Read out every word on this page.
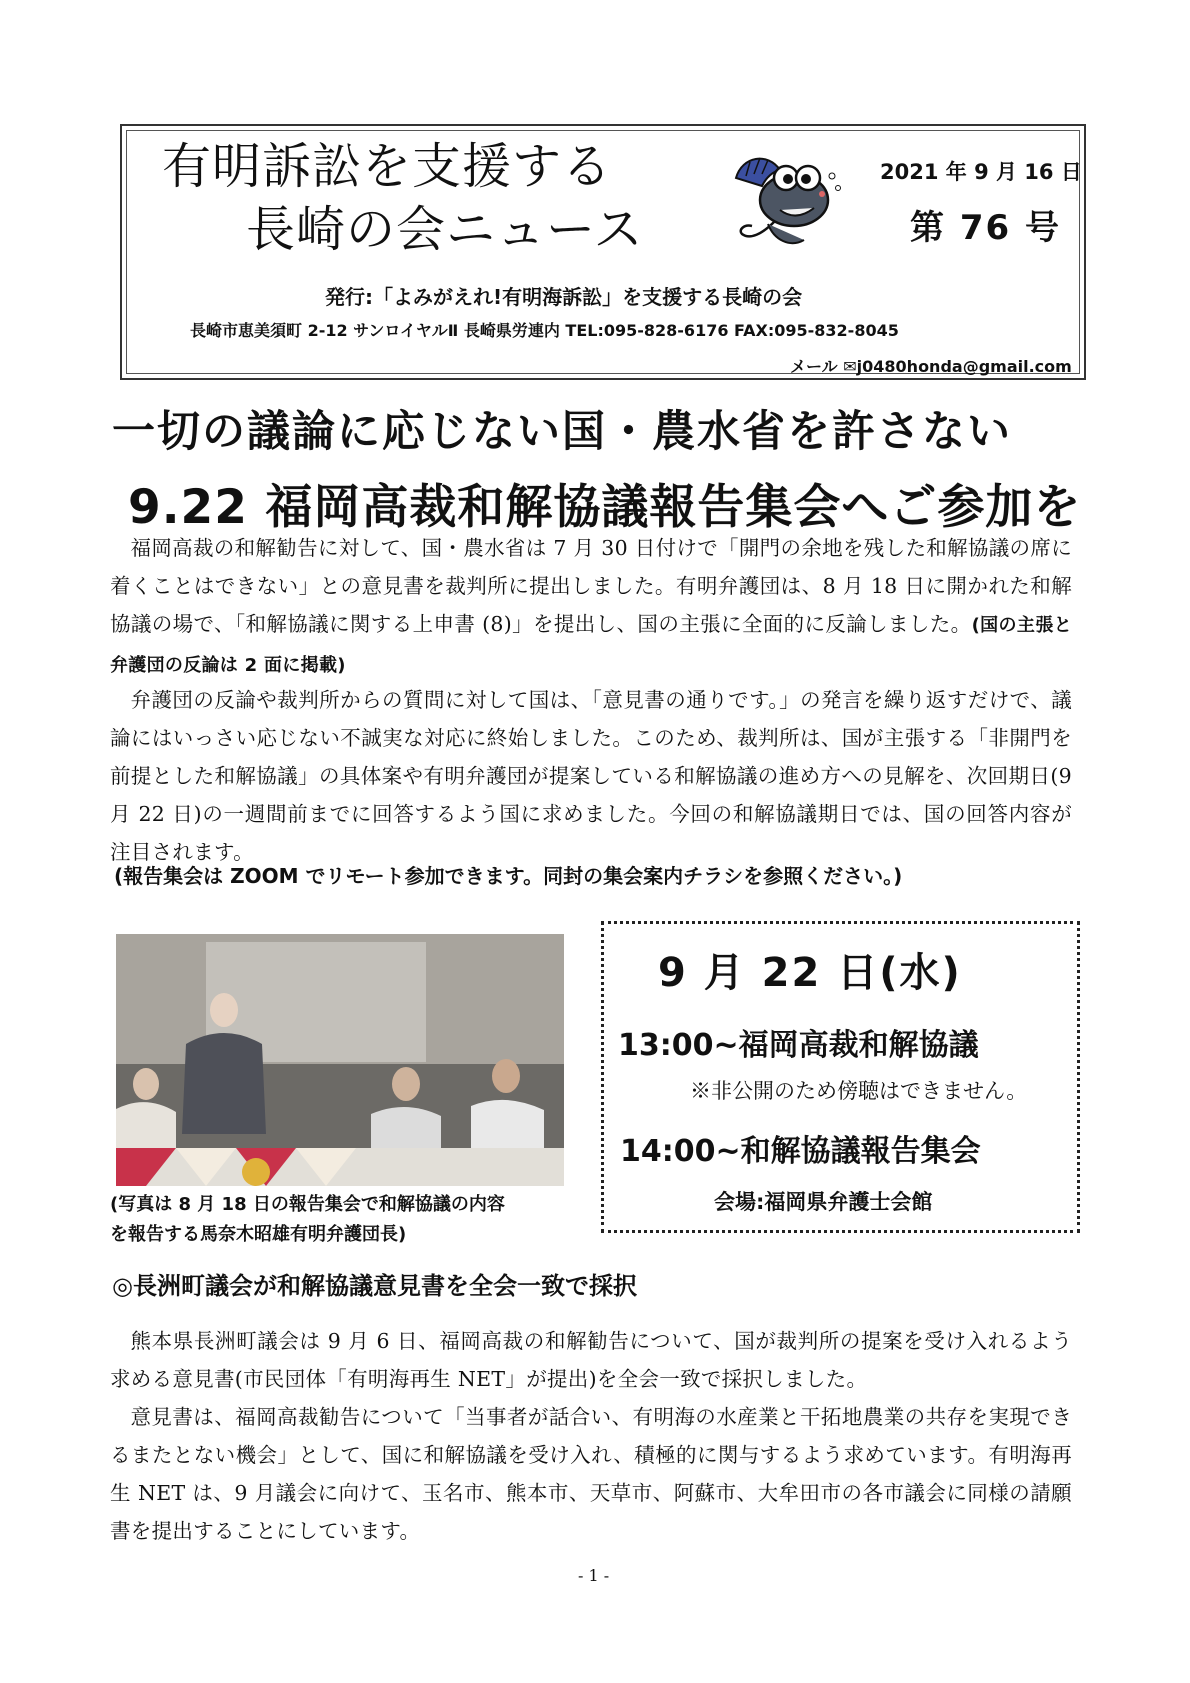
有明訴訟を支援する
長崎の会ニュース
2021 年 9 月 16 日
第 76 号
発行:「よみがえれ!有明海訴訟」を支援する長崎の会
長崎市恵美須町 2-12 サンロイヤルⅡ 長崎県労連内 TEL:095-828-6176 FAX:095-832-8045
メール ✉j0480honda@gmail.com
一切の議論に応じない国・農水省を許さない
9.22 福岡高裁和解協議報告集会へご参加を
福岡高裁の和解勧告に対して、国・農水省は 7 月 30 日付けで「開門の余地を残した和解協議の席に着くことはできない」との意見書を裁判所に提出しました。有明弁護団は、8 月 18 日に開かれた和解協議の場で、「和解協議に関する上申書 (8)」を提出し、国の主張に全面的に反論しました。(国の主張と弁護団の反論は 2 面に掲載)
弁護団の反論や裁判所からの質問に対して国は、「意見書の通りです。」の発言を繰り返すだけで、議論にはいっさい応じない不誠実な対応に終始しました。このため、裁判所は、国が主張する「非開門を前提とした和解協議」の具体案や有明弁護団が提案している和解協議の進め方への見解を、次回期日(9 月 22 日)の一週間前までに回答するよう国に求めました。今回の和解協議期日では、国の回答内容が注目されます。
(報告集会は ZOOM でリモート参加できます。同封の集会案内チラシを参照ください。)
(写真は 8 月 18 日の報告集会で和解協議の内容
を報告する馬奈木昭雄有明弁護団長)
9 月 22 日(水)
13:00~福岡高裁和解協議
※非公開のため傍聴はできません。
14:00~和解協議報告集会
会場:福岡県弁護士会館
◎長洲町議会が和解協議意見書を全会一致で採択
熊本県長洲町議会は 9 月 6 日、福岡高裁の和解勧告について、国が裁判所の提案を受け入れるよう求める意見書(市民団体「有明海再生 NET」が提出)を全会一致で採択しました。
意見書は、福岡高裁勧告について「当事者が話合い、有明海の水産業と干拓地農業の共存を実現できるまたとない機会」として、国に和解協議を受け入れ、積極的に関与するよう求めています。有明海再生 NET は、9 月議会に向けて、玉名市、熊本市、天草市、阿蘇市、大牟田市の各市議会に同様の請願書を提出することにしています。
- 1 -
